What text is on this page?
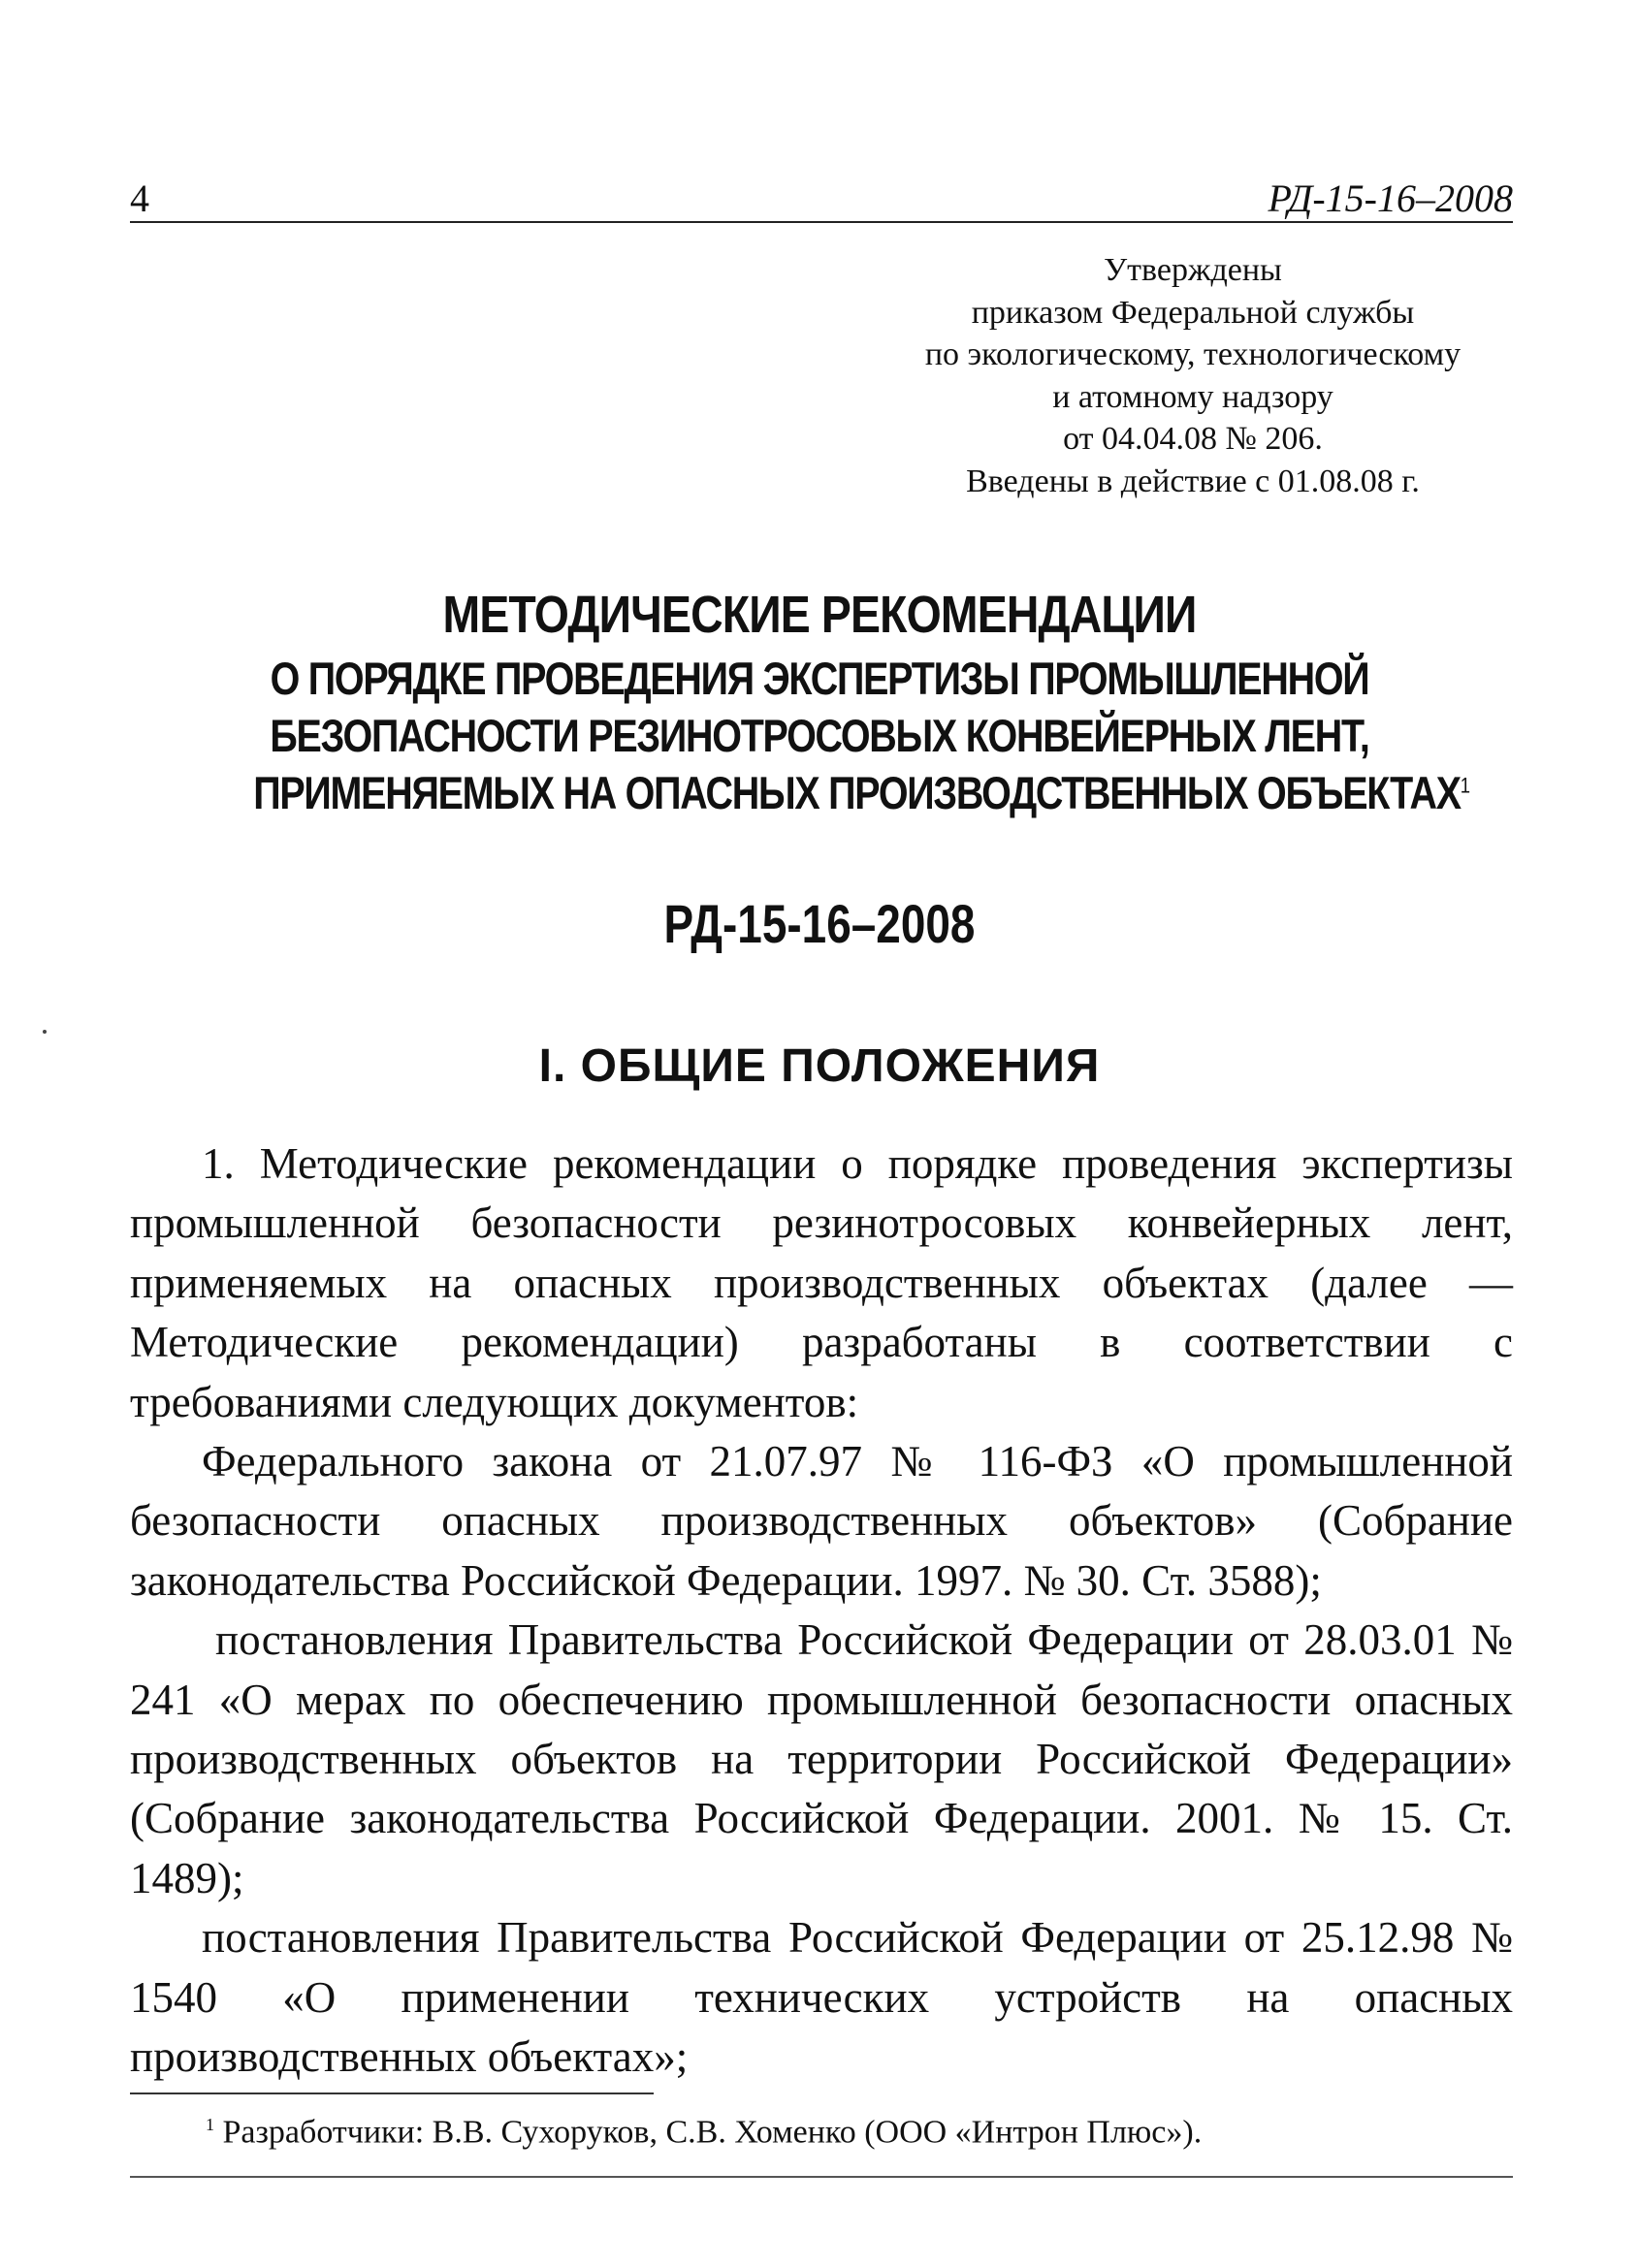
4	РД-15-16–2008
Утверждены
приказом Федеральной службы
по экологическому, технологическому
и атомному надзору
от 04.04.08 № 206.
Введены в действие с 01.08.08 г.
МЕТОДИЧЕСКИЕ РЕКОМЕНДАЦИИ
О ПОРЯДКЕ ПРОВЕДЕНИЯ ЭКСПЕРТИЗЫ ПРОМЫШЛЕННОЙ
БЕЗОПАСНОСТИ РЕЗИНОТРОСОВЫХ КОНВЕЙЕРНЫХ ЛЕНТ,
ПРИМЕНЯЕМЫХ НА ОПАСНЫХ ПРОИЗВОДСТВЕННЫХ ОБЪЕКТАХ$^1$
РД-15-16–2008
I. ОБЩИЕ ПОЛОЖЕНИЯ

1. Методические рекомендации о порядке проведения экспертизы промышленной безопасности резинотросовых конвейерных лент, применяемых на опасных производственных объектах (далее — Методические рекомендации) разработаны в соответствии с требованиями следующих документов:

Федерального закона от 21.07.97 № 116-ФЗ «О промышленной безопасности опасных производственных объектов» (Собрание законодательства Российской Федерации. 1997. № 30. Ст. 3588);

постановления Правительства Российской Федерации от 28.03.01 № 241 «О мерах по обеспечению промышленной безопасности опасных производственных объектов на территории Российской Федерации» (Собрание законодательства Российской Федерации. 2001. № 15. Ст. 1489);

постановления Правительства Российской Федерации от 25.12.98 № 1540 «О применении технических устройств на опасных производственных объектах»;

$^1$ Разработчики: В.В. Сухоруков, С.В. Хоменко (ООО «Интрон Плюс»).
